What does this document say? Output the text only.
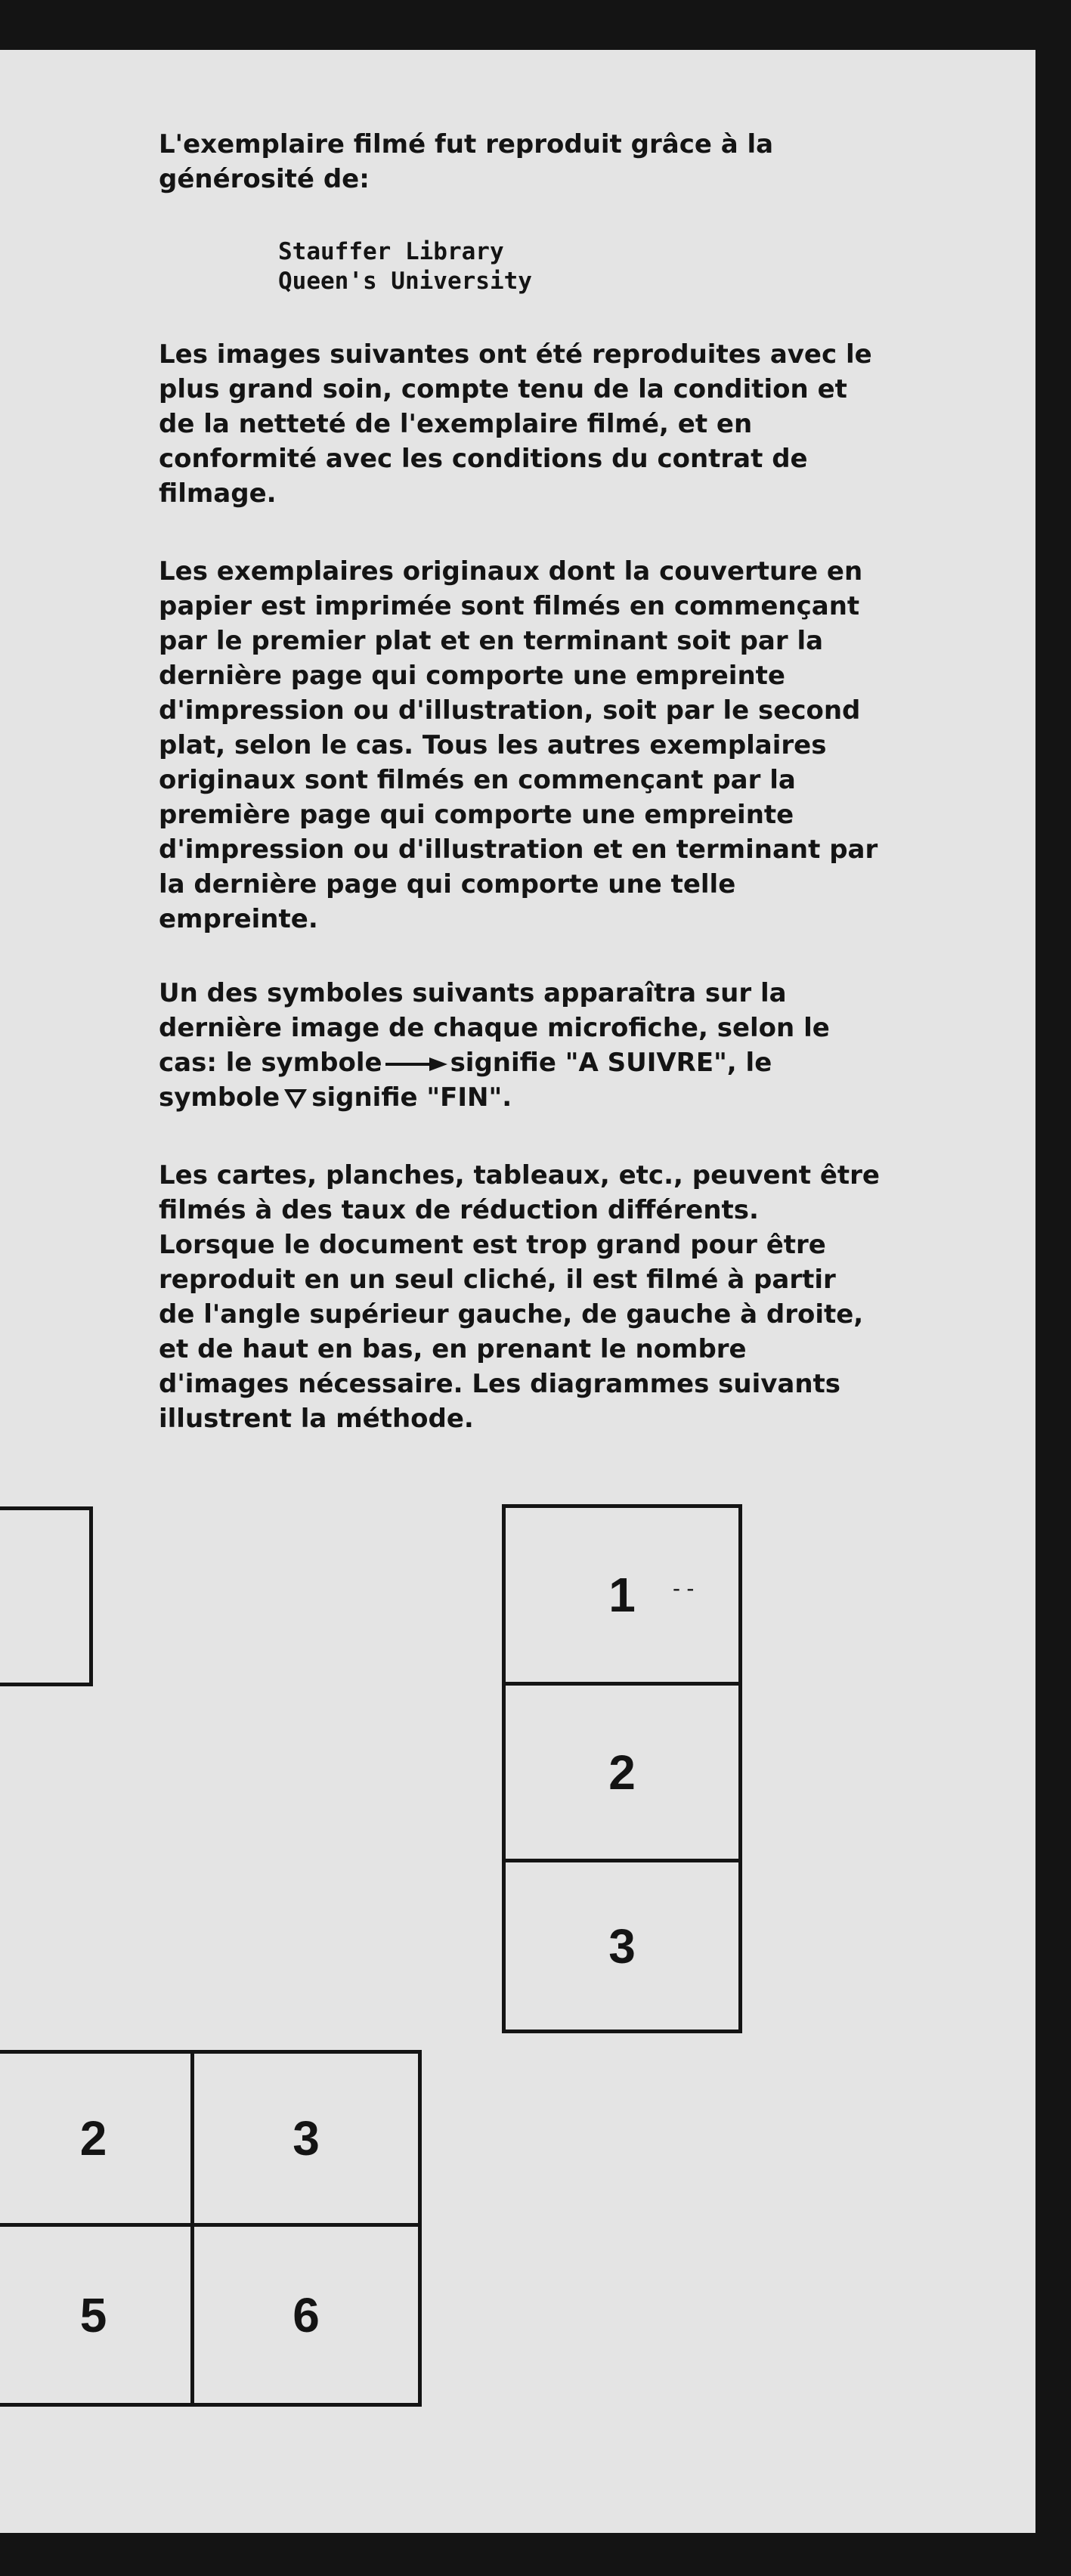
L'exemplaire filmé fut reproduit grâce à la
générosité de:

Stauffer Library
Queen's University

Les images suivantes ont été reproduites avec le
plus grand soin, compte tenu de la condition et
de la netteté de l'exemplaire filmé, et en
conformité avec les conditions du contrat de
filmage.

Les exemplaires originaux dont la couverture en
papier est imprimée sont filmés en commençant
par le premier plat et en terminant soit par la
dernière page qui comporte une empreinte
d'impression ou d'illustration, soit par le second
plat, selon le cas. Tous les autres exemplaires
originaux sont filmés en commençant par la
première page qui comporte une empreinte
d'impression ou d'illustration et en terminant par
la dernière page qui comporte une telle
empreinte.

Un des symboles suivants apparaîtra sur la
dernière image de chaque microfiche, selon le
cas: le symbole	signifie "A SUIVRE", le
symbole signifie "FIN".

Les cartes, planches, tableaux, etc., peuvent être
filmés à des taux de réduction différents.
Lorsque le document est trop grand pour être
reproduit en un seul cliché, il est filmé à partir
de l'angle supérieur gauche, de gauche à droite,
et de haut en bas, en prenant le nombre
d'images nécessaire. Les diagrammes suivants
illustrent la méthode.

1
2
3
- -
2	3
5	6
